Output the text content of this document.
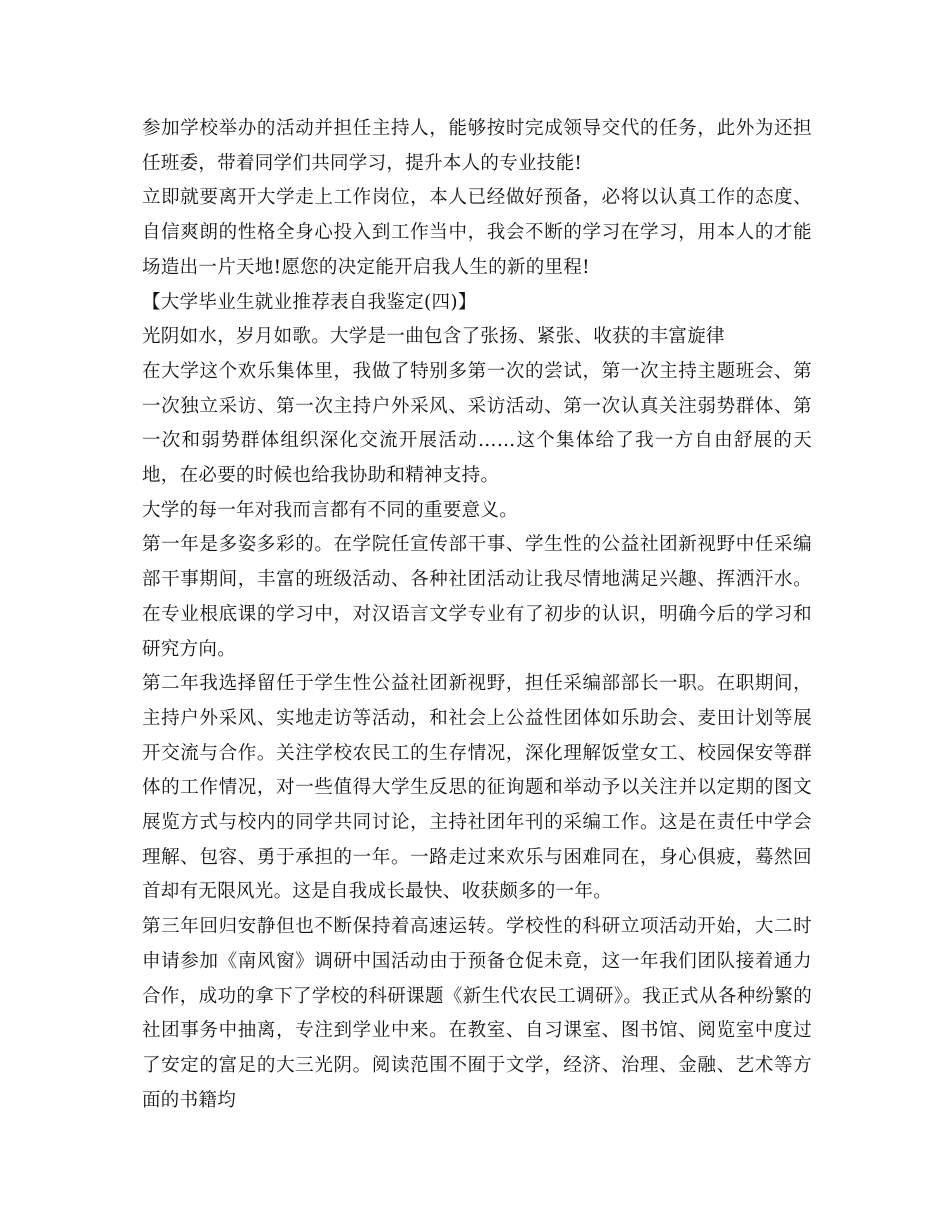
参加学校举办的活动并担任主持人，能够按时完成领导交代的任务，此外为还担任班委，带着同学们共同学习，提升本人的专业技能!

立即就要离开大学走上工作岗位，本人已经做好预备，必将以认真工作的态度、自信爽朗的性格全身心投入到工作当中，我会不断的学习在学习，用本人的才能场造出一片天地!愿您的决定能开启我人生的新的里程!

【大学毕业生就业推荐表自我鉴定(四)】

光阴如水，岁月如歌。大学是一曲包含了张扬、紧张、收获的丰富旋律

在大学这个欢乐集体里，我做了特别多第一次的尝试，第一次主持主题班会、第一次独立采访、第一次主持户外采风、采访活动、第一次认真关注弱势群体、第一次和弱势群体组织深化交流开展活动……这个集体给了我一方自由舒展的天地，在必要的时候也给我协助和精神支持。

大学的每一年对我而言都有不同的重要意义。

第一年是多姿多彩的。在学院任宣传部干事、学生性的公益社团新视野中任采编部干事期间，丰富的班级活动、各种社团活动让我尽情地满足兴趣、挥洒汗水。在专业根底课的学习中，对汉语言文学专业有了初步的认识，明确今后的学习和研究方向。

第二年我选择留任于学生性公益社团新视野，担任采编部部长一职。在职期间，主持户外采风、实地走访等活动，和社会上公益性团体如乐助会、麦田计划等展开交流与合作。关注学校农民工的生存情况，深化理解饭堂女工、校园保安等群体的工作情况，对一些值得大学生反思的征询题和举动予以关注并以定期的图文展览方式与校内的同学共同讨论，主持社团年刊的采编工作。这是在责任中学会理解、包容、勇于承担的一年。一路走过来欢乐与困难同在，身心俱疲，蓦然回首却有无限风光。这是自我成长最快、收获颇多的一年。

第三年回归安静但也不断保持着高速运转。学校性的科研立项活动开始，大二时申请参加《南风窗》调研中国活动由于预备仓促未竟，这一年我们团队接着通力合作，成功的拿下了学校的科研课题《新生代农民工调研》。我正式从各种纷繁的社团事务中抽离，专注到学业中来。在教室、自习课室、图书馆、阅览室中度过了安定的富足的大三光阴。阅读范围不囿于文学，经济、治理、金融、艺术等方面的书籍均
